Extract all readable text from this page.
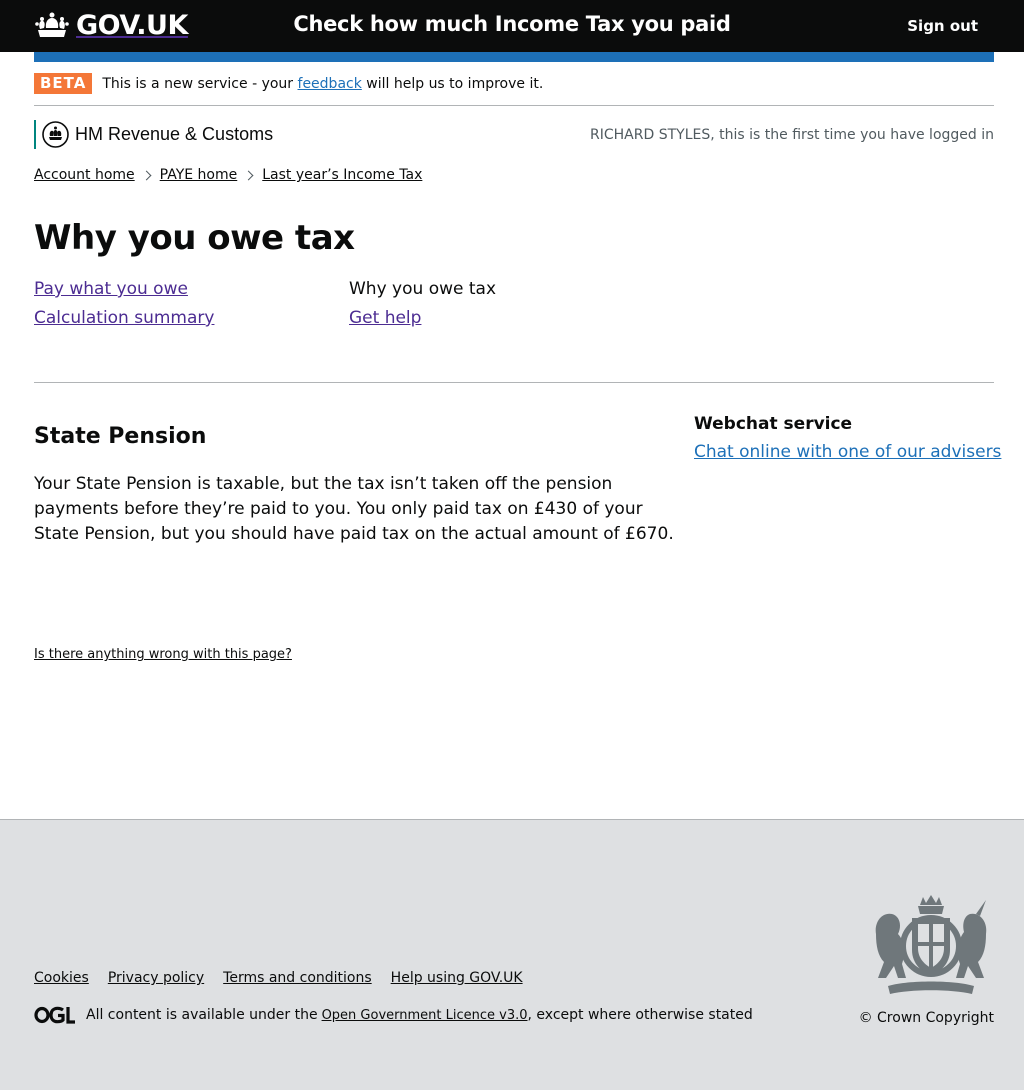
GOV.UK	Check how much Income Tax you paid	Sign out
BETA	This is a new service - your feedback will help us to improve it.
HM Revenue & Customs	RICHARD STYLES, this is the first time you have logged in
Account home PAYE home Last year’s Income Tax
Why you owe tax
Pay what you owe	Why you owe tax
Calculation summary	Get help
State Pension

Your State Pension is taxable, but the tax isn’t taken off the pension payments before they’re paid to you. You only paid tax on £430 of your State Pension, but you should have paid tax on the actual amount of £670.

Webchat service
Chat online with one of our advisers
Is there anything wrong with this page?
Cookies Privacy policy Terms and conditions Help using GOV.UK
All content is available under the Open Government Licence v3.0 , except where otherwise stated	© Crown Copyright
